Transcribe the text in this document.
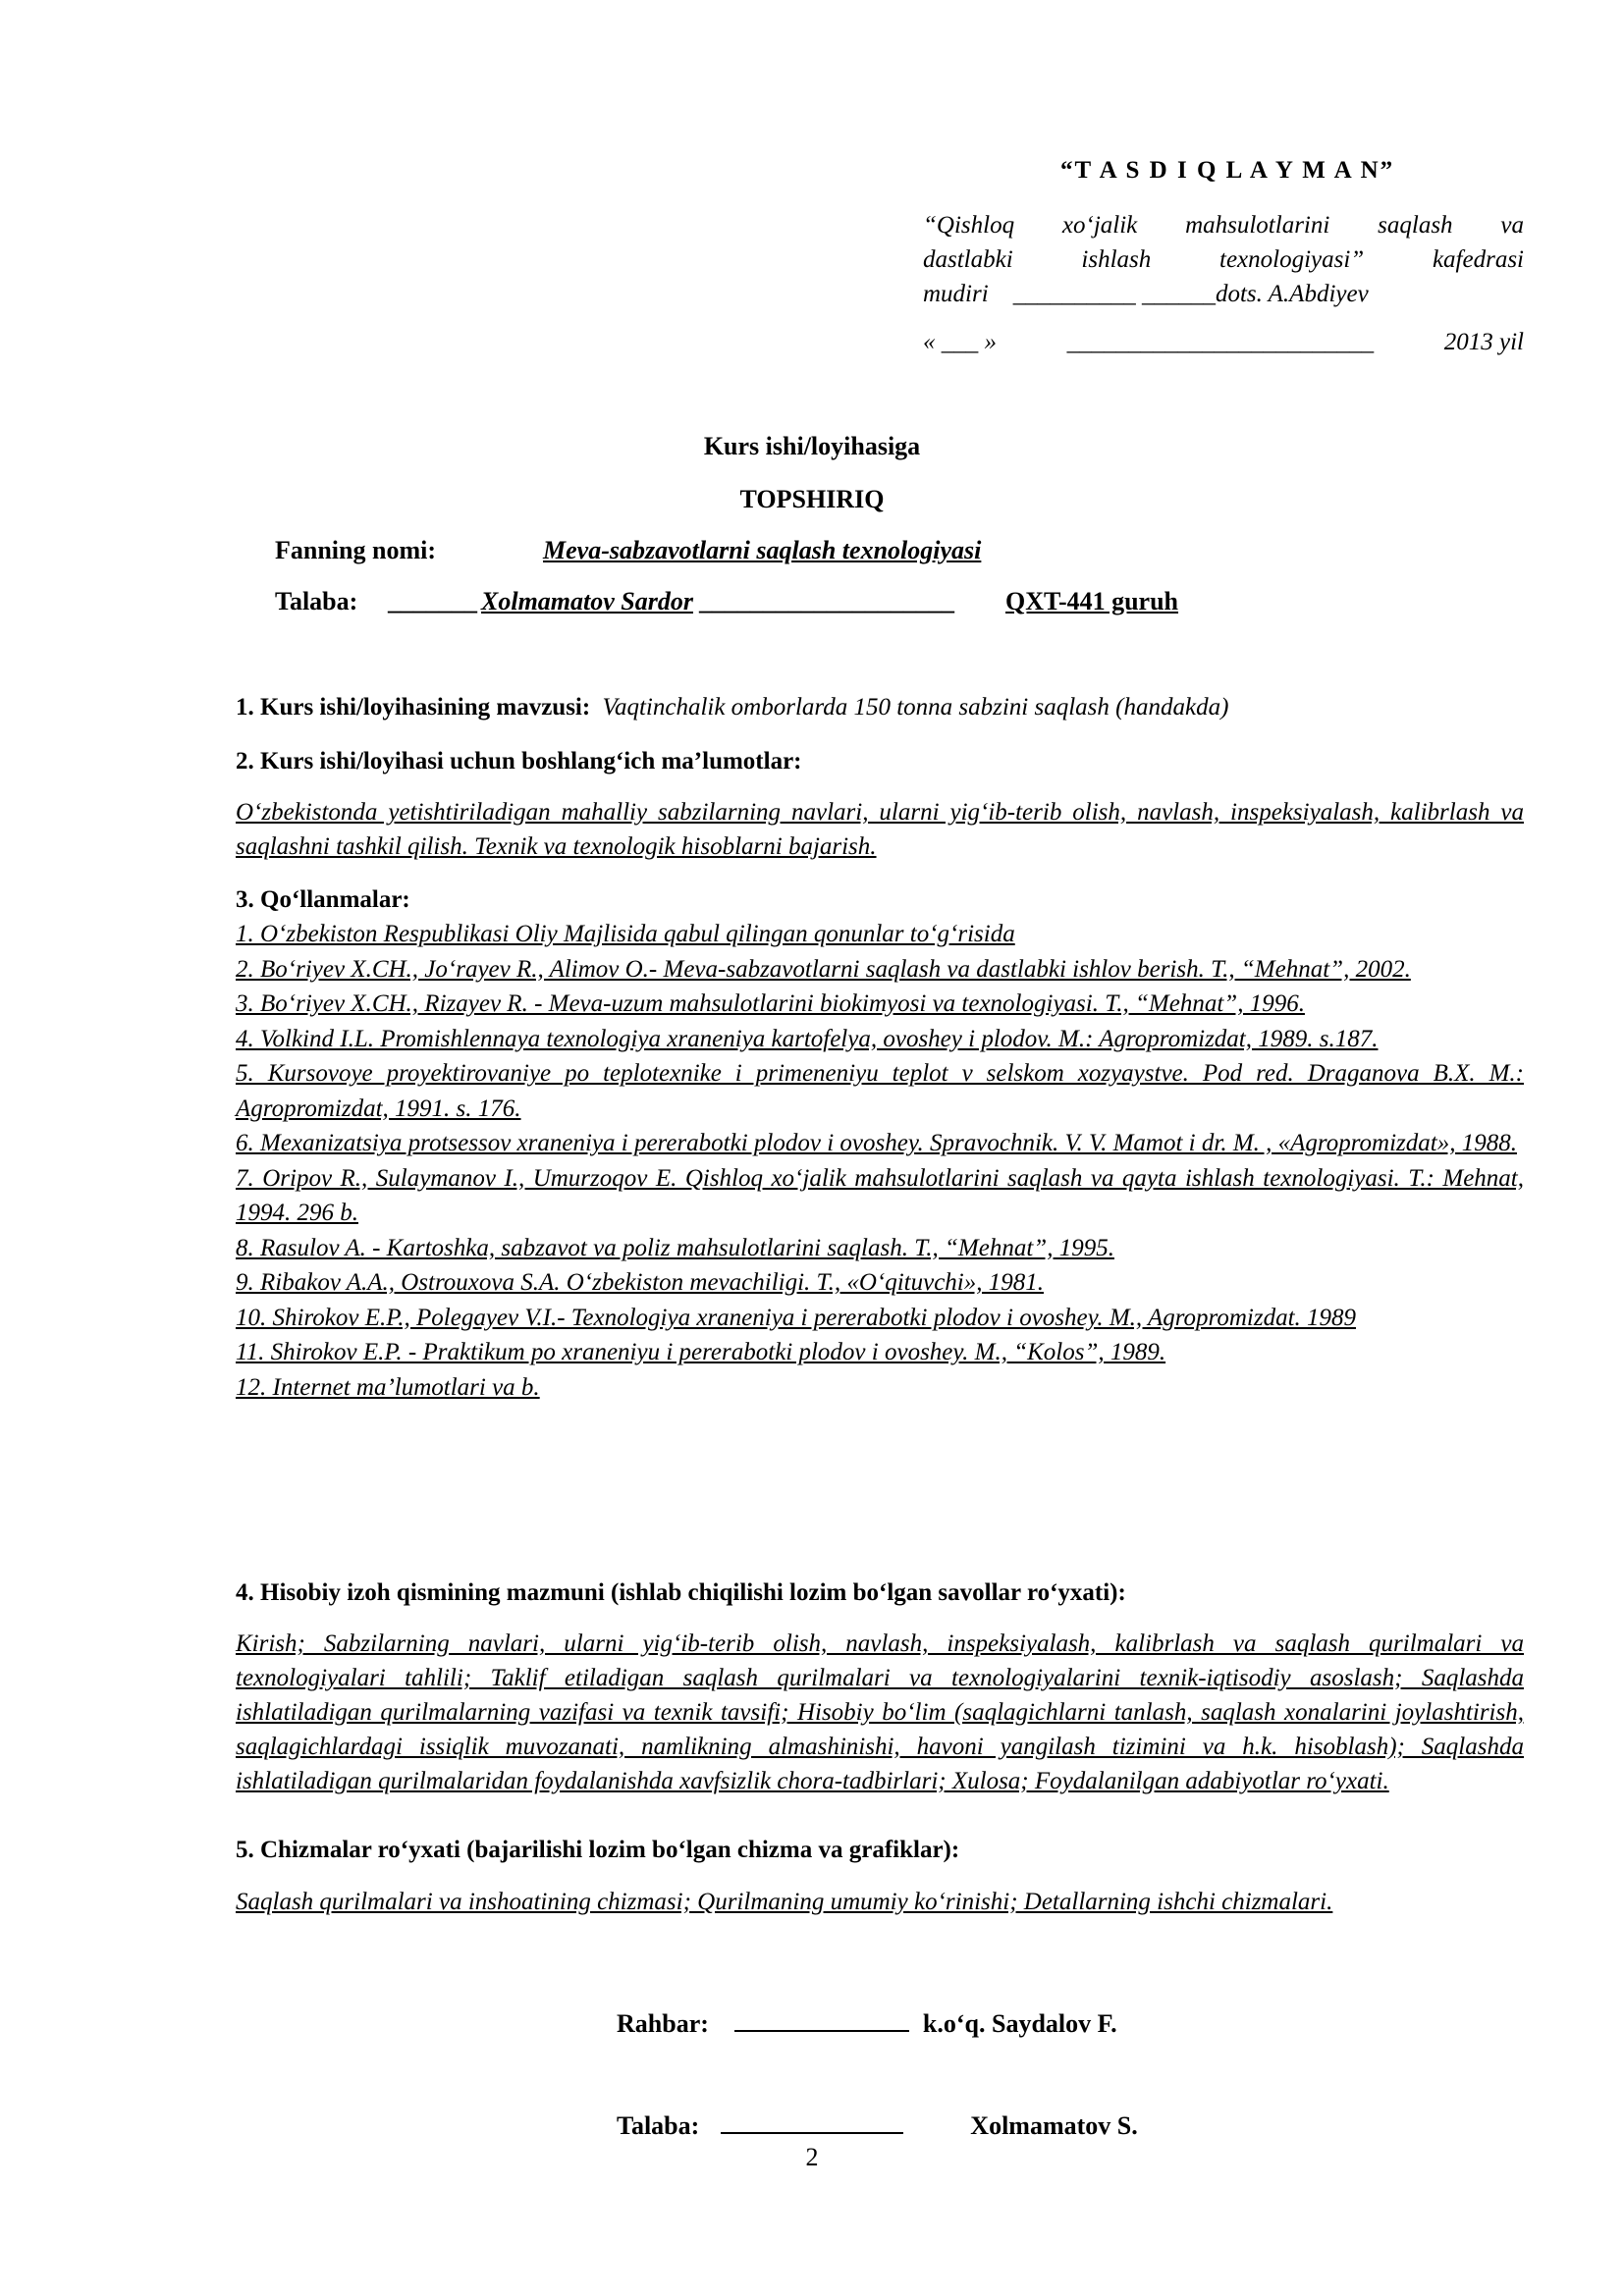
“T A S D I Q L A Y M A N”
“Qishloq xo‘jalik mahsulotlarini saqlash va
dastlabki	ishlash	texnologiyasi”	kafedrasi
mudiri __________ ______dots. A.Abdiyev
« ___ »	_________________________	2013 yil
Kurs ishi/loyihasiga
TOPSHIRIQ
Fanning nomi:	Meva-sabzavotlarni saqlash texnologiyasi
Talaba:	_______ Xolmamatov Sardor ____________________ QXT-441 guruh
1. Kurs ishi/loyihasining mavzusi: Vaqtinchalik omborlarda 150 tonna sabzini saqlash (handakda)
2. Kurs ishi/loyihasi uchun boshlang‘ich ma’lumotlar:
O‘zbekistonda yetishtiriladigan mahalliy sabzilarning navlari, ularni yig‘ib-terib olish, navlash, inspeksiyalash, kalibrlash va saqlashni tashkil qilish. Texnik va texnologik hisoblarni bajarish.
3. Qo‘llanmalar:
1. O‘zbekiston Respublikasi Oliy Majlisida qabul qilingan qonunlar to‘g‘risida
2. Bo‘riyev X.CH., Jo‘rayev R., Alimov O.- Meva-sabzavotlarni saqlash va dastlabki ishlov berish. T., “Mehnat”, 2002.
3. Bo‘riyev X.CH., Rizayev R. - Meva-uzum mahsulotlarini biokimyosi va texnologiyasi. T., “Mehnat”, 1996.
4. Volkind I.L. Promishlennaya texnologiya xraneniya kartofelya, ovoshey i plodov. M.: Agropromizdat, 1989. s.187.
5. Kursovoye proyektirovaniye po teplotexnike i primeneniyu teplot v selskom xozyaystve. Pod red. Draganova B.X. M.: Agropromizdat, 1991. s. 176.
6. Mexanizatsiya protsessov xraneniya i pererabotki plodov i ovoshey. Spravochnik. V. V. Mamot i dr. M. , «Agropromizdat», 1988.
7. Oripov R., Sulaymanov I., Umurzoqov E. Qishloq xo‘jalik mahsulotlarini saqlash va qayta ishlash texnologiyasi. T.: Mehnat, 1994. 296 b.
8. Rasulov A. - Kartoshka, sabzavot va poliz mahsulotlarini saqlash. T., “Mehnat”, 1995.
9. Ribakov A.A., Ostrouxova S.A. O‘zbekiston mevachiligi. T., «O‘qituvchi», 1981.
10. Shirokov E.P., Polegayev V.I.- Texnologiya xraneniya i pererabotki plodov i ovoshey. M., Agropromizdat. 1989
11. Shirokov E.P. - Praktikum po xraneniyu i pererabotki plodov i ovoshey. M., “Kolos”, 1989.
12. Internet ma’lumotlari va b.
4. Hisobiy izoh qismining mazmuni (ishlab chiqilishi lozim bo‘lgan savollar ro‘yxati):
Kirish; Sabzilarning navlari, ularni yig‘ib-terib olish, navlash, inspeksiyalash, kalibrlash va saqlash qurilmalari va texnologiyalari tahlili; Taklif etiladigan saqlash qurilmalari va texnologiyalarini texnik-iqtisodiy asoslash; Saqlashda ishlatiladigan qurilmalarning vazifasi va texnik tavsifi; Hisobiy bo‘lim (saqlagichlarni tanlash, saqlash xonalarini joylashtirish, saqlagichlardagi issiqlik muvozanati, namlikning almashinishi, havoni yangilash tizimini va h.k. hisoblash); Saqlashda ishlatiladigan qurilmalaridan foydalanishda xavfsizlik chora-tadbirlari; Xulosa; Foydalanilgan adabiyotlar ro‘yxati.
5. Chizmalar ro‘yxati (bajarilishi lozim bo‘lgan chizma va grafiklar):
Saqlash qurilmalari va inshoatining chizmasi; Qurilmaning umumiy ko‘rinishi; Detallarning ishchi chizmalari.
Rahbar:	k.o‘q. Saydalov F.
Talaba:	Xolmamatov S.
2
